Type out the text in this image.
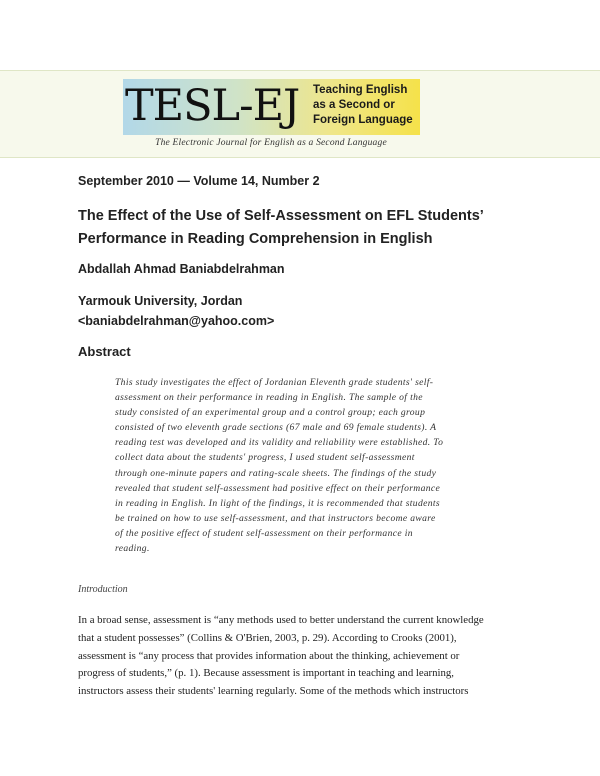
TESL-EJ Teaching English
as a Second or
Foreign Language
The Electronic Journal for English as a Second Language
September 2010 — Volume 14, Number 2
The Effect of the Use of Self-Assessment on EFL Students’
Performance in Reading Comprehension in English
Abdallah Ahmad Baniabdelrahman
Yarmouk University, Jordan
<baniabdelrahman@yahoo.com>
Abstract
This study investigates the effect of Jordanian Eleventh grade students' self-
assessment on their performance in reading in English. The sample of the
study consisted of an experimental group and a control group; each group
consisted of two eleventh grade sections (67 male and 69 female students). A
reading test was developed and its validity and reliability were established. To
collect data about the students' progress, I used student self-assessment
through one-minute papers and rating-scale sheets. The findings of the study
revealed that student self-assessment had positive effect on their performance
in reading in English. In light of the findings, it is recommended that students
be trained on how to use self-assessment, and that instructors become aware
of the positive effect of student self-assessment on their performance in
reading.
Introduction
In a broad sense, assessment is “any methods used to better understand the current knowledge
that a student possesses” (Collins & O'Brien, 2003, p. 29). According to Crooks (2001),
assessment is “any process that provides information about the thinking, achievement or
progress of students,” (p. 1). Because assessment is important in teaching and learning,
instructors assess their students' learning regularly. Some of the methods which instructors
